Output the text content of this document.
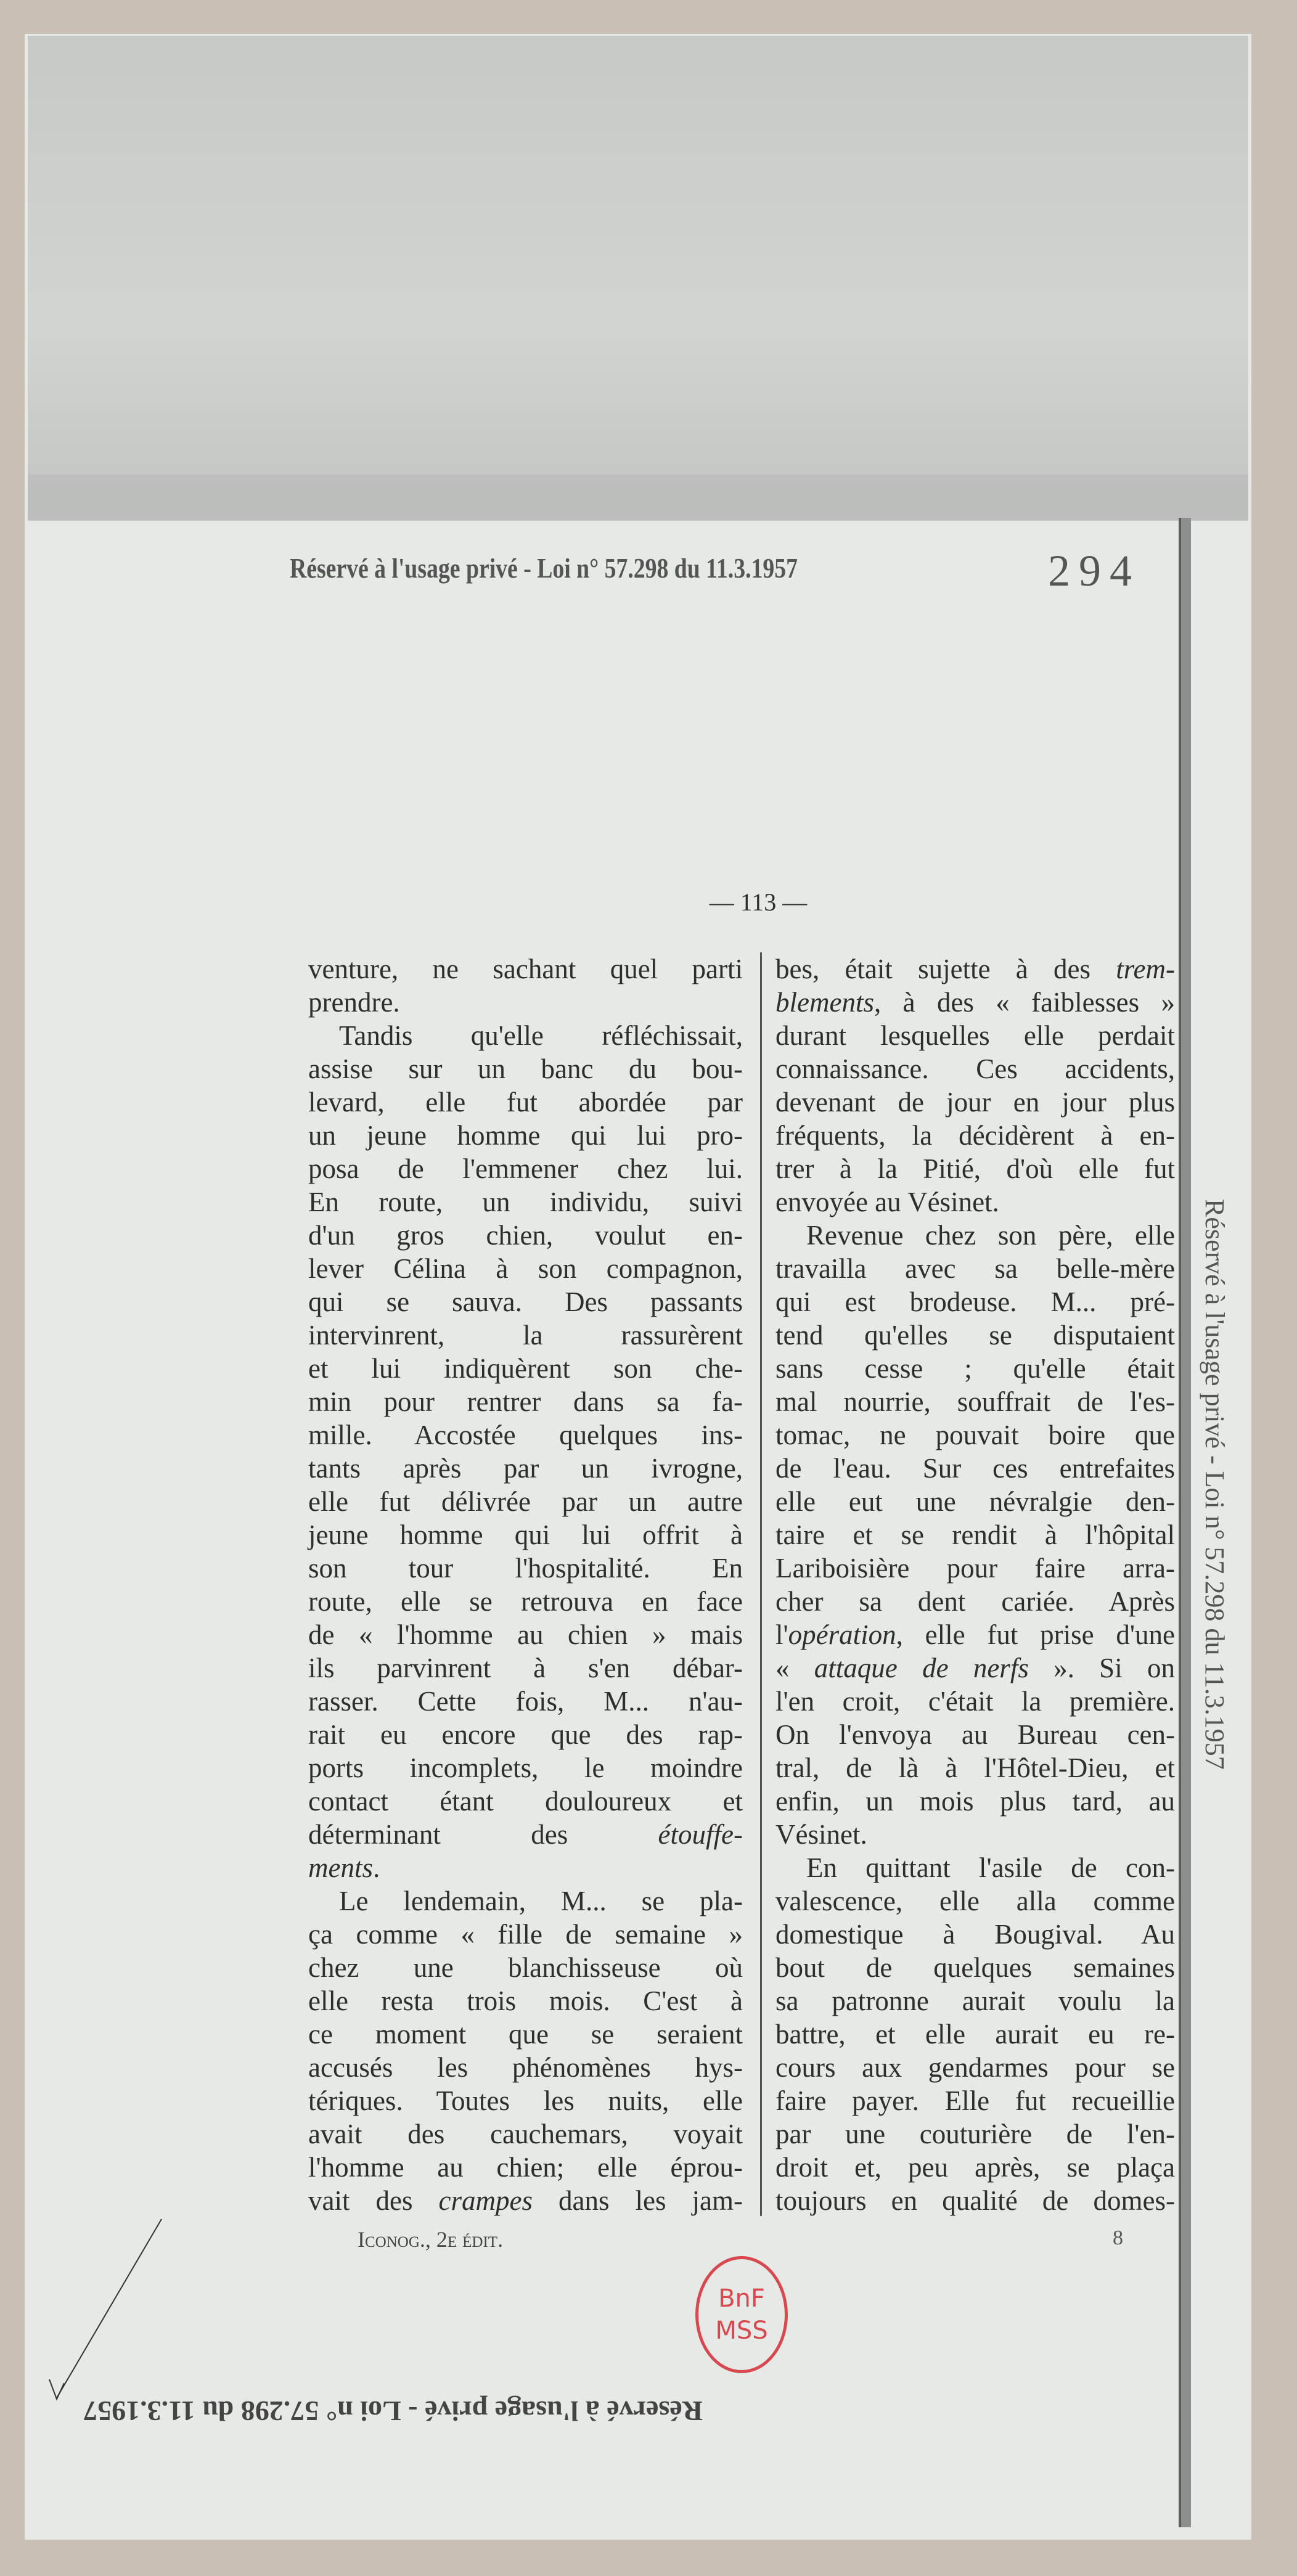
Réservé à l'usage privé - Loi n° 57.298 du 11.3.1957	294
— 113 —
venture, ne sachant quel parti
prendre.
Tandis qu'elle réfléchissait,
assise sur un banc du bou-
levard, elle fut abordée par
un jeune homme qui lui pro-
posa de l'emmener chez lui.
En route, un individu, suivi
d'un gros chien, voulut en-
lever Célina à son compagnon,
qui se sauva. Des passants
intervinrent, la rassurèrent
et lui indiquèrent son che-
min pour rentrer dans sa fa-
mille. Accostée quelques ins-
tants après par un ivrogne,
elle fut délivrée par un autre
jeune homme qui lui offrit à
son tour l'hospitalité. En
route, elle se retrouva en face
de « l'homme au chien » mais
ils parvinrent à s'en débar-
rasser. Cette fois, M... n'au-
rait eu encore que des rap-
ports incomplets, le moindre
contact étant douloureux et
déterminant des étouffe-
ments.
Le lendemain, M... se pla-
ça comme « fille de semaine »
chez une blanchisseuse où
elle resta trois mois. C'est à
ce moment que se seraient
accusés les phénomènes hys-
tériques. Toutes les nuits, elle
avait des cauchemars, voyait
l'homme au chien; elle éprou-
vait des crampes dans les jam-
bes, était sujette à des trem-
blements, à des « faiblesses »
durant lesquelles elle perdait
connaissance. Ces accidents,
devenant de jour en jour plus
fréquents, la décidèrent à en-
trer à la Pitié, d'où elle fut
envoyée au Vésinet.
Revenue chez son père, elle
travailla avec sa belle-mère
qui est brodeuse. M... pré-
tend qu'elles se disputaient
sans cesse ; qu'elle était
mal nourrie, souffrait de l'es-
tomac, ne pouvait boire que
de l'eau. Sur ces entrefaites
elle eut une névralgie den-
taire et se rendit à l'hôpital
Lariboisière pour faire arra-
cher sa dent cariée. Après
l'opération, elle fut prise d'une
« attaque de nerfs ». Si on
l'en croit, c'était la première.
On l'envoya au Bureau cen-
tral, de là à l'Hôtel-Dieu, et
enfin, un mois plus tard, au
Vésinet.
En quittant l'asile de con-
valescence, elle alla comme
domestique à Bougival. Au
bout de quelques semaines
sa patronne aurait voulu la
battre, et elle aurait eu re-
cours aux gendarmes pour se
faire payer. Elle fut recueillie
par une couturière de l'en-
droit et, peu après, se plaça
toujours en qualité de domes-
Réservé à l'usage privé - Loi n° 57.298 du 11.3.1957
Iconog., 2e édit.	8
BnF
MSS
Réservé à l'usage privé - Loi n° 57.298 du 11.3.1957
